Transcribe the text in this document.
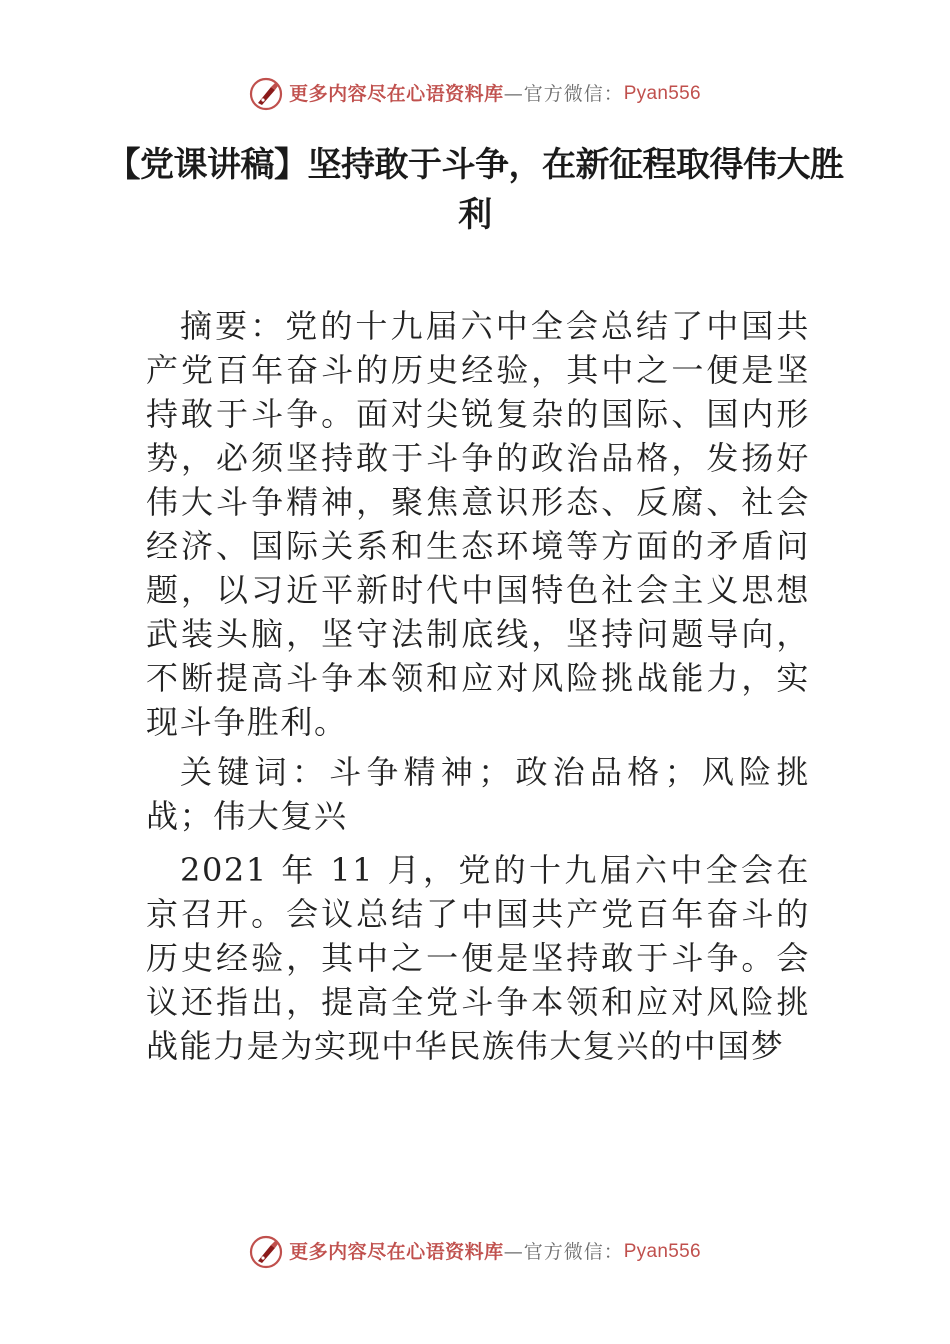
更多内容尽在心语资料库 — 官方微信： Pyan556
【党课讲稿】坚持敢于斗争，在新征程取得伟大胜利

摘要：党的十九届六中全会总结了中国共产党百年奋斗的历史经验，其中之一便是坚持敢于斗争。面对尖锐复杂的国际、国内形势，必须坚持敢于斗争的政治品格，发扬好伟大斗争精神，聚焦意识形态、反腐、社会经济、国际关系和生态环境等方面的矛盾问题，以习近平新时代中国特色社会主义思想武装头脑，坚守法制底线，坚持问题导向，不断提高斗争本领和应对风险挑战能力，实现斗争胜利。

关键词：斗争精神；政治品格；风险挑战；伟大复兴

2021 年 11 月，党的十九届六中全会在京召开。会议总结了中国共产党百年奋斗的历史经验，其中之一便是坚持敢于斗争。会议还指出，提高全党斗争本领和应对风险挑战能力是为实现中华民族伟大复兴的中国梦

更多内容尽在心语资料库 — 官方微信： Pyan556
